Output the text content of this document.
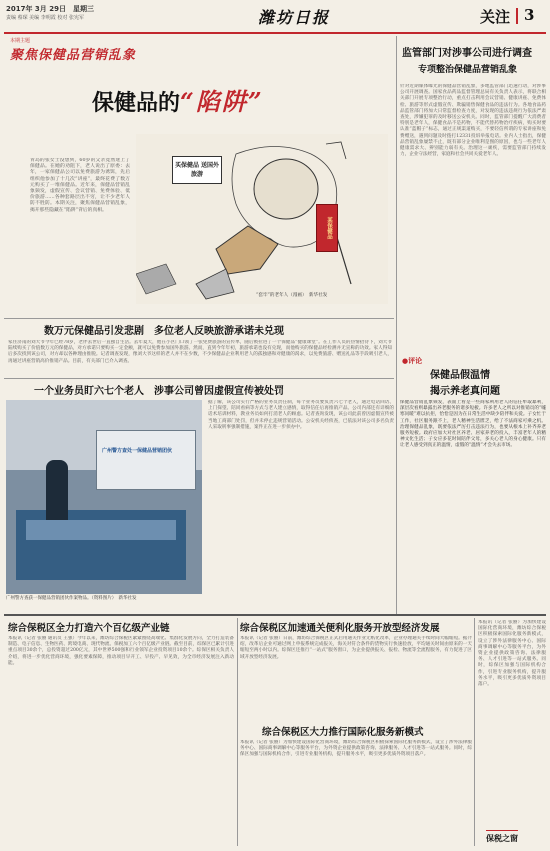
2017年 3月 29日　星期三
责编 蔡琛 美编 李明霞 校对 张宪军	潍坊日报	关注 3
本期主题
聚焦保健品营销乱象
保健品的“陷阱”
青岛的张女士没想到，60岁的父亲竟然迷上了保健品。在她的劝阻下，老人说出了原委：去年，一家保健品公司以免费旅游为诱饵，先后组织他参加了十几次“讲座”，最终花费了数万元购买了一堆保健品。近年来，保健品营销乱象频发，虚假宣传、会议营销、免费体验、低价旅游……各种套路层出不穷，让不少老年人防不胜防。本期关注，聚焦保健品营销乱象，揭开那些隐藏在“陷阱”背后的真相。
买保健品 送国外旅游
某保健品
“套牢”的老年人（漫画）　新华社发
监管部门对涉事公司进行调查
专项整治保健品营销乱象
针对近期媒体曝光的保健品营销乱象，多地监管部门迅速行动，对涉事公司开展调查。国家食品药品监督管理总局有关负责人表示，将联合相关部门开展专项整治行动，重点打击利用会议营销、健康讲座、免费体检、旅游等形式虚假宣传、欺骗销售保健食品的违法行为。各地食品药品监管部门将加大日常监督检查力度，对发现的违法违规行为依法严肃查处，涉嫌犯罪的及时移送公安机关。同时，监管部门提醒广大消费者特别是老年人，保健食品不是药物，不能代替药物治疗疾病，购买时要认准“蓝帽子”标志，通过正规渠道购买，不要轻信所谓的专家讲座和免费赠送，遇到问题及时拨打12331投诉举报电话。业内人士指出，保健品营销乱象屡禁不止，既有部分企业唯利是图的原因，也与一些老年人健康需求大、辨别能力弱有关。治理这一顽疾，需要监管部门持续发力，企业守法经营，家庭和社会共同关爱老年人。
数万元保健品引发悲剧　多位老人反映旅游承诺未兑现
家住济南的刘大爷今年已经78岁，老伴去世后一直独自生活。去年夏天，他在小区门口领了一张免费旅游的宣传单，随后被拉进了一个保健品“健康课堂”。在工作人员的热情招待下，刘大爷陆续购买了价值数万元的保健品，对方承诺只要购买一定金额，就可以免费参加国外旅游。然而，直到今年年初，旅游承诺也没有兑现，而他购买的保健品经检测并无宣称的功效。家人得知后多次找到该公司，对方却以各种理由推脱。记者调查发现，像刘大爷这样的老人并不在少数，不少保健品企业利用老人的孤独感和对健康的渴求，以免费旅游、赠送礼品等手段吸引老人，再通过讲座营销高价推销产品。目前，有关部门已介入调查。
一个业务员盯六七个老人　涉事公司曾因虚假宣传被处罚
广州警方查处一保健品营销团伙
广州警方查获一保健品营销团伙作案物品。（资料图片）　新华社发
据了解，该公司实行严格的业务员责任制，每个业务员要负责六七个老人，通过电话回访、上门探望、陪同看病等方式与老人建立感情，取得信任后再推销产品。公司内部还有详细的话术培训材料，教业务员如何打消老人的顾虑。记者查询发现，该公司此前曾因虚假宣传被当地工商部门处罚，但并未停止违规营销活动。公安机关经侦查，已依法对该公司多名负责人采取刑事强制措施，案件正在进一步侦办中。
●评论
保健品假温情
揭示养老真问题
保健品营销乱象频发，表面上看是一些商家利用老人的信任牟取暴利，深层次看则暴露出养老服务的诸多短板。许多老人之所以对推销员的“嘘寒问暖”难以抗拒，恰恰是因为在日常生活中缺少陪伴和关爱。子女忙于工作，社区服务跟不上，老人精神生活匮乏，给了不法商家可乘之机。治理保健品乱象，既要依法严厉打击违法行为，也要从根本上补齐养老服务短板。政府应加大对社区养老、居家养老的投入，丰富老年人的精神文化生活；子女应多花时间陪伴父母，多关心老人的身心健康。只有让老人感受到真正的温情，虚假的“温情”才会失去市场。
综合保税区全力打造六个百亿级产业链
本报讯（记者 张丽 通讯员 王强）今年以来，潍坊综合保税区紧紧围绕高端化、集群化发展方向，全力打造装备制造、电子信息、生物医药、跨境电商、现代物流、保税加工六个百亿级产业链。截至目前，综保区已累计引进重点项目30余个，总投资超过200亿元，其中世界500强和行业领军企业投资项目10余个。综保区相关负责人介绍，将进一步优化营商环境，强化要素保障，推动项目早开工、早投产、早见效，为全市经济发展注入新动能。
综合保税区加速通关便利化服务开放型经济发展
本报讯（记者 张丽）日前，潍坊综合保税区正式启用通关作业无纸化改革，企业办理通关手续时间大幅缩短。据介绍，改革后企业可通过网上申报系统完成报关，海关对符合条件的货物实行快速验放，平均通关时间由原来的一天缩短至两小时以内。综保区还推行“一站式”服务窗口，为企业提供报关、报检、物流等全流程服务，有力促进了区域开放型经济发展。
综合保税区大力推行国际化服务新模式
本报讯（记者 张丽）为加快建设国际化营商环境，潍坊综合保税区积极探索国际化服务新模式，设立了涉外法律服务中心、国际商事调解中心等服务平台，为外资企业提供政策咨询、法律服务、人才引进等一站式服务。同时，综保区加强与国际机构合作，引进专业服务机构，提升服务水平，吸引更多优质外资项目落户。
本报讯（记者 张丽）为加快建设国际化营商环境，潍坊综合保税区积极探索国际化服务新模式，设立了涉外法律服务中心、国际商事调解中心等服务平台，为外资企业提供政策咨询、法律服务、人才引进等一站式服务。同时，综保区加强与国际机构合作，引进专业服务机构，提升服务水平，吸引更多优质外资项目落户。
保税之窗
